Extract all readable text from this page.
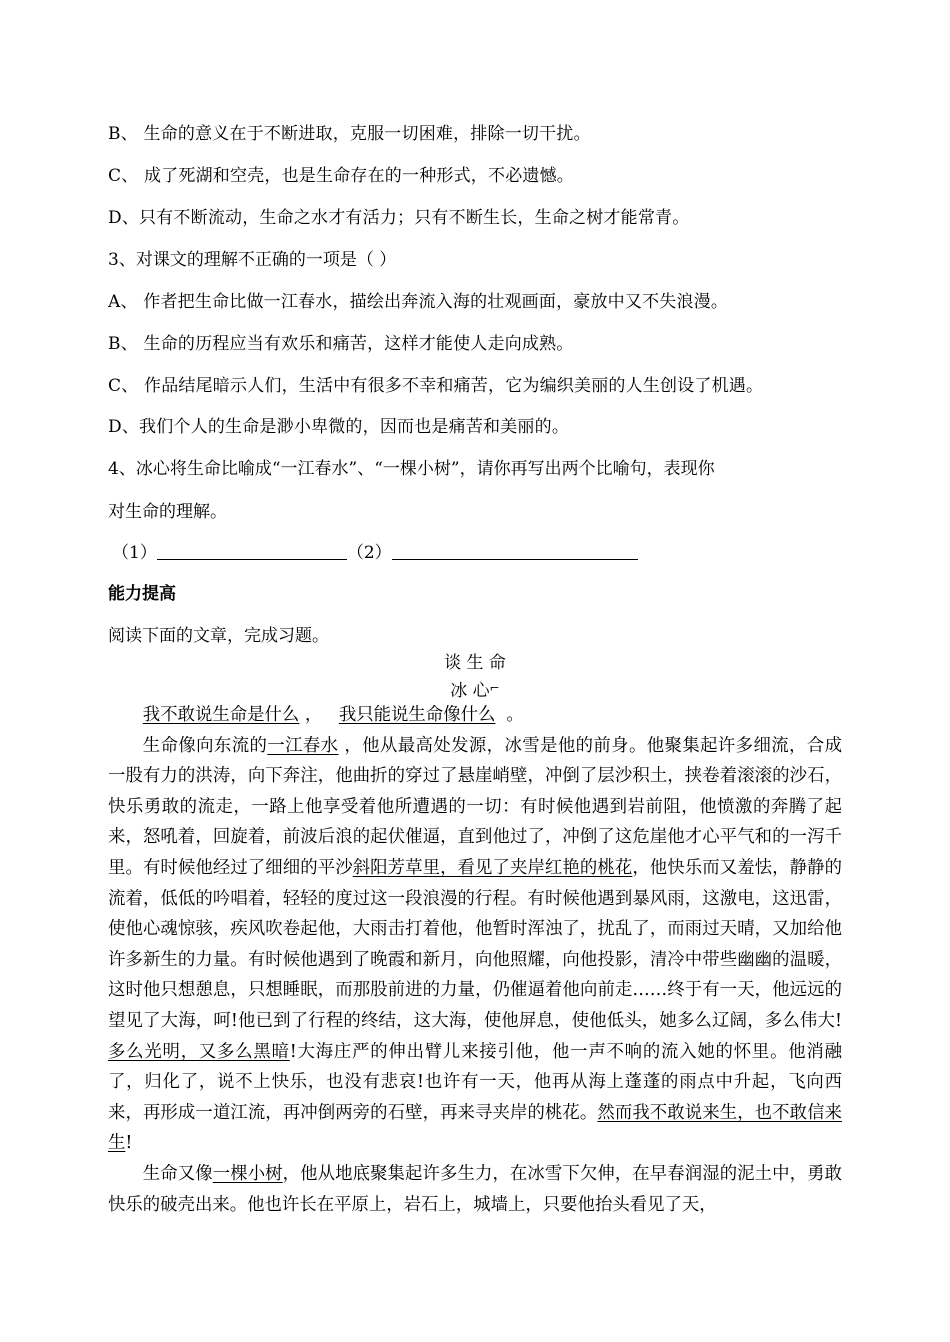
B、 生命的意义在于不断进取，克服一切困难，排除一切干扰。
C、 成了死湖和空壳，也是生命存在的一种形式，不必遗憾。
D、只有不断流动，生命之水才有活力；只有不断生长，生命之树才能常青。
3、对课文的理解不正确的一项是（ ）
A、 作者把生命比做一江春水，描绘出奔流入海的壮观画面，豪放中又不失浪漫。
B、 生命的历程应当有欢乐和痛苦，这样才能使人走向成熟。
C、 作品结尾暗示人们，生活中有很多不幸和痛苦，它为编织美丽的人生创设了机遇。
D、我们个人的生命是渺小卑微的，因而也是痛苦和美丽的。
4、冰心将生命比喻成“一江春水”、“一棵小树”，请你再写出两个比喻句，表现你
对生命的理解。
（1）	（2）
能力提高
阅读下面的文章，完成习题。
谈 生 命
冰 心⌐

我不敢说生命是什么 ，   我只能说生命像什么  。

生命像向东流的一江春水 ，他从最高处发源，冰雪是他的前身。他聚集起许多细流，合成一股有力的洪涛，向下奔注，他曲折的穿过了悬崖峭壁，冲倒了层沙积土，挟卷着滚滚的沙石，快乐勇敢的流走，一路上他享受着他所遭遇的一切：有时候他遇到岩前阻，他愤激的奔腾了起来，怒吼着，回旋着，前波后浪的起伏催逼，直到他过了，冲倒了这危崖他才心平气和的一泻千里。有时候他经过了细细的平沙斜阳芳草里，看见了夹岸红艳的桃花，他快乐而又羞怯，静静的流着，低低的吟唱着，轻轻的度过这一段浪漫的行程。有时候他遇到暴风雨，这激电，这迅雷，使他心魂惊骇，疾风吹卷起他，大雨击打着他，他暂时浑浊了，扰乱了，而雨过天晴，又加给他许多新生的力量。有时候他遇到了晚霞和新月，向他照耀，向他投影，清冷中带些幽幽的温暖，这时他只想憩息，只想睡眠，而那股前进的力量，仍催逼着他向前走……终于有一天，他远远的望见了大海，呵!他已到了行程的终结，这大海，使他屏息，使他低头，她多么辽阔，多么伟大!多么光明，又多么黑暗!大海庄严的伸出臂儿来接引他，他一声不响的流入她的怀里。他消融了，归化了，说不上快乐，也没有悲哀!也许有一天，他再从海上蓬蓬的雨点中升起，飞向西来，再形成一道江流，再冲倒两旁的石壁，再来寻夹岸的桃花。然而我不敢说来生，也不敢信来生!

生命又像一棵小树，他从地底聚集起许多生力，在冰雪下欠伸，在早春润湿的泥土中，勇敢快乐的破壳出来。他也许长在平原上，岩石上，城墙上，只要他抬头看见了天，
